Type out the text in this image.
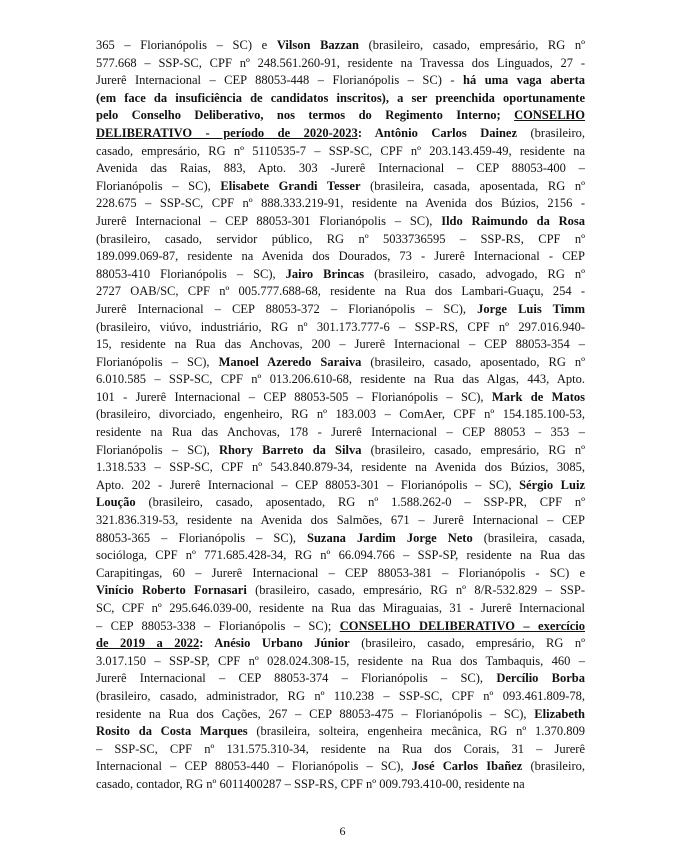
365 – Florianópolis – SC) e Vilson Bazzan (brasileiro, casado, empresário, RG nº
577.668 – SSP-SC, CPF nº 248.561.260-91, residente na Travessa dos Linguados, 27 -
Jurerê Internacional – CEP 88053-448 – Florianópolis – SC) - há uma vaga aberta
(em face da insuficiência de candidatos inscritos), a ser preenchida oportunamente
pelo Conselho Deliberativo, nos termos do Regimento Interno; CONSELHO
DELIBERATIVO - período de 2020-2023: Antônio Carlos Dainez (brasileiro,
casado, empresário, RG nº 5110535-7 – SSP-SC, CPF nº 203.143.459-49, residente na
Avenida das Raias, 883, Apto. 303 -Jurerê Internacional – CEP 88053-400 –
Florianópolis – SC), Elisabete Grandi Tesser (brasileira, casada, aposentada, RG nº
228.675 – SSP-SC, CPF nº 888.333.219-91, residente na Avenida dos Búzios, 2156 -
Jurerê Internacional – CEP 88053-301 Florianópolis – SC), Ildo Raimundo da Rosa
(brasileiro, casado, servidor público, RG nº 5033736595 – SSP-RS, CPF nº
189.099.069-87, residente na Avenida dos Dourados, 73 - Jurerê Internacional - CEP
88053-410 Florianópolis – SC), Jairo Brincas (brasileiro, casado, advogado, RG nº
2727 OAB/SC, CPF nº 005.777.688-68, residente na Rua dos Lambari-Guaçu, 254 -
Jurerê Internacional – CEP 88053-372 – Florianópolis – SC), Jorge Luis Timm
(brasileiro, viúvo, industriário, RG nº 301.173.777-6 – SSP-RS, CPF nº 297.016.940-
15, residente na Rua das Anchovas, 200 – Jurerê Internacional – CEP 88053-354 –
Florianópolis – SC), Manoel Azeredo Saraiva (brasileiro, casado, aposentado, RG nº
6.010.585 – SSP-SC, CPF nº 013.206.610-68, residente na Rua das Algas, 443, Apto.
101 - Jurerê Internacional – CEP 88053-505 – Florianópolis – SC), Mark de Matos
(brasileiro, divorciado, engenheiro, RG nº 183.003 – ComAer, CPF nº 154.185.100-53,
residente na Rua das Anchovas, 178 - Jurerê Internacional – CEP 88053 – 353 –
Florianópolis – SC), Rhory Barreto da Silva (brasileiro, casado, empresário, RG nº
1.318.533 – SSP-SC, CPF nº 543.840.879-34, residente na Avenida dos Búzios, 3085,
Apto. 202 - Jurerê Internacional – CEP 88053-301 – Florianópolis – SC), Sérgio Luiz
Loução (brasileiro, casado, aposentado, RG nº 1.588.262-0 – SSP-PR, CPF nº
321.836.319-53, residente na Avenida dos Salmões, 671 – Jurerê Internacional – CEP
88053-365 – Florianópolis – SC), Suzana Jardim Jorge Neto (brasileira, casada,
socióloga, CPF nº 771.685.428-34, RG nº 66.094.766 – SSP-SP, residente na Rua das
Carapitingas, 60 – Jurerê Internacional – CEP 88053-381 – Florianópolis - SC) e
Vinício Roberto Fornasari (brasileiro, casado, empresário, RG nº 8/R-532.829 – SSP-
SC, CPF nº 295.646.039-00, residente na Rua das Miraguaias, 31 - Jurerê Internacional
– CEP 88053-338 – Florianópolis – SC); CONSELHO DELIBERATIVO – exercício
de 2019 a 2022: Anésio Urbano Júnior (brasileiro, casado, empresário, RG nº
3.017.150 – SSP-SP, CPF nº 028.024.308-15, residente na Rua dos Tambaquis, 460 –
Jurerê Internacional – CEP 88053-374 – Florianópolis – SC), Dercílio Borba
(brasileiro, casado, administrador, RG nº 110.238 – SSP-SC, CPF nº 093.461.809-78,
residente na Rua dos Cações, 267 – CEP 88053-475 – Florianópolis – SC), Elizabeth
Rosito da Costa Marques (brasileira, solteira, engenheira mecânica, RG nº 1.370.809
– SSP-SC, CPF nº 131.575.310-34, residente na Rua dos Corais, 31 – Jurerê
Internacional – CEP 88053-440 – Florianópolis – SC), José Carlos Ibañez (brasileiro,
casado, contador, RG nº 6011400287 – SSP-RS, CPF nº 009.793.410-00, residente na
6
